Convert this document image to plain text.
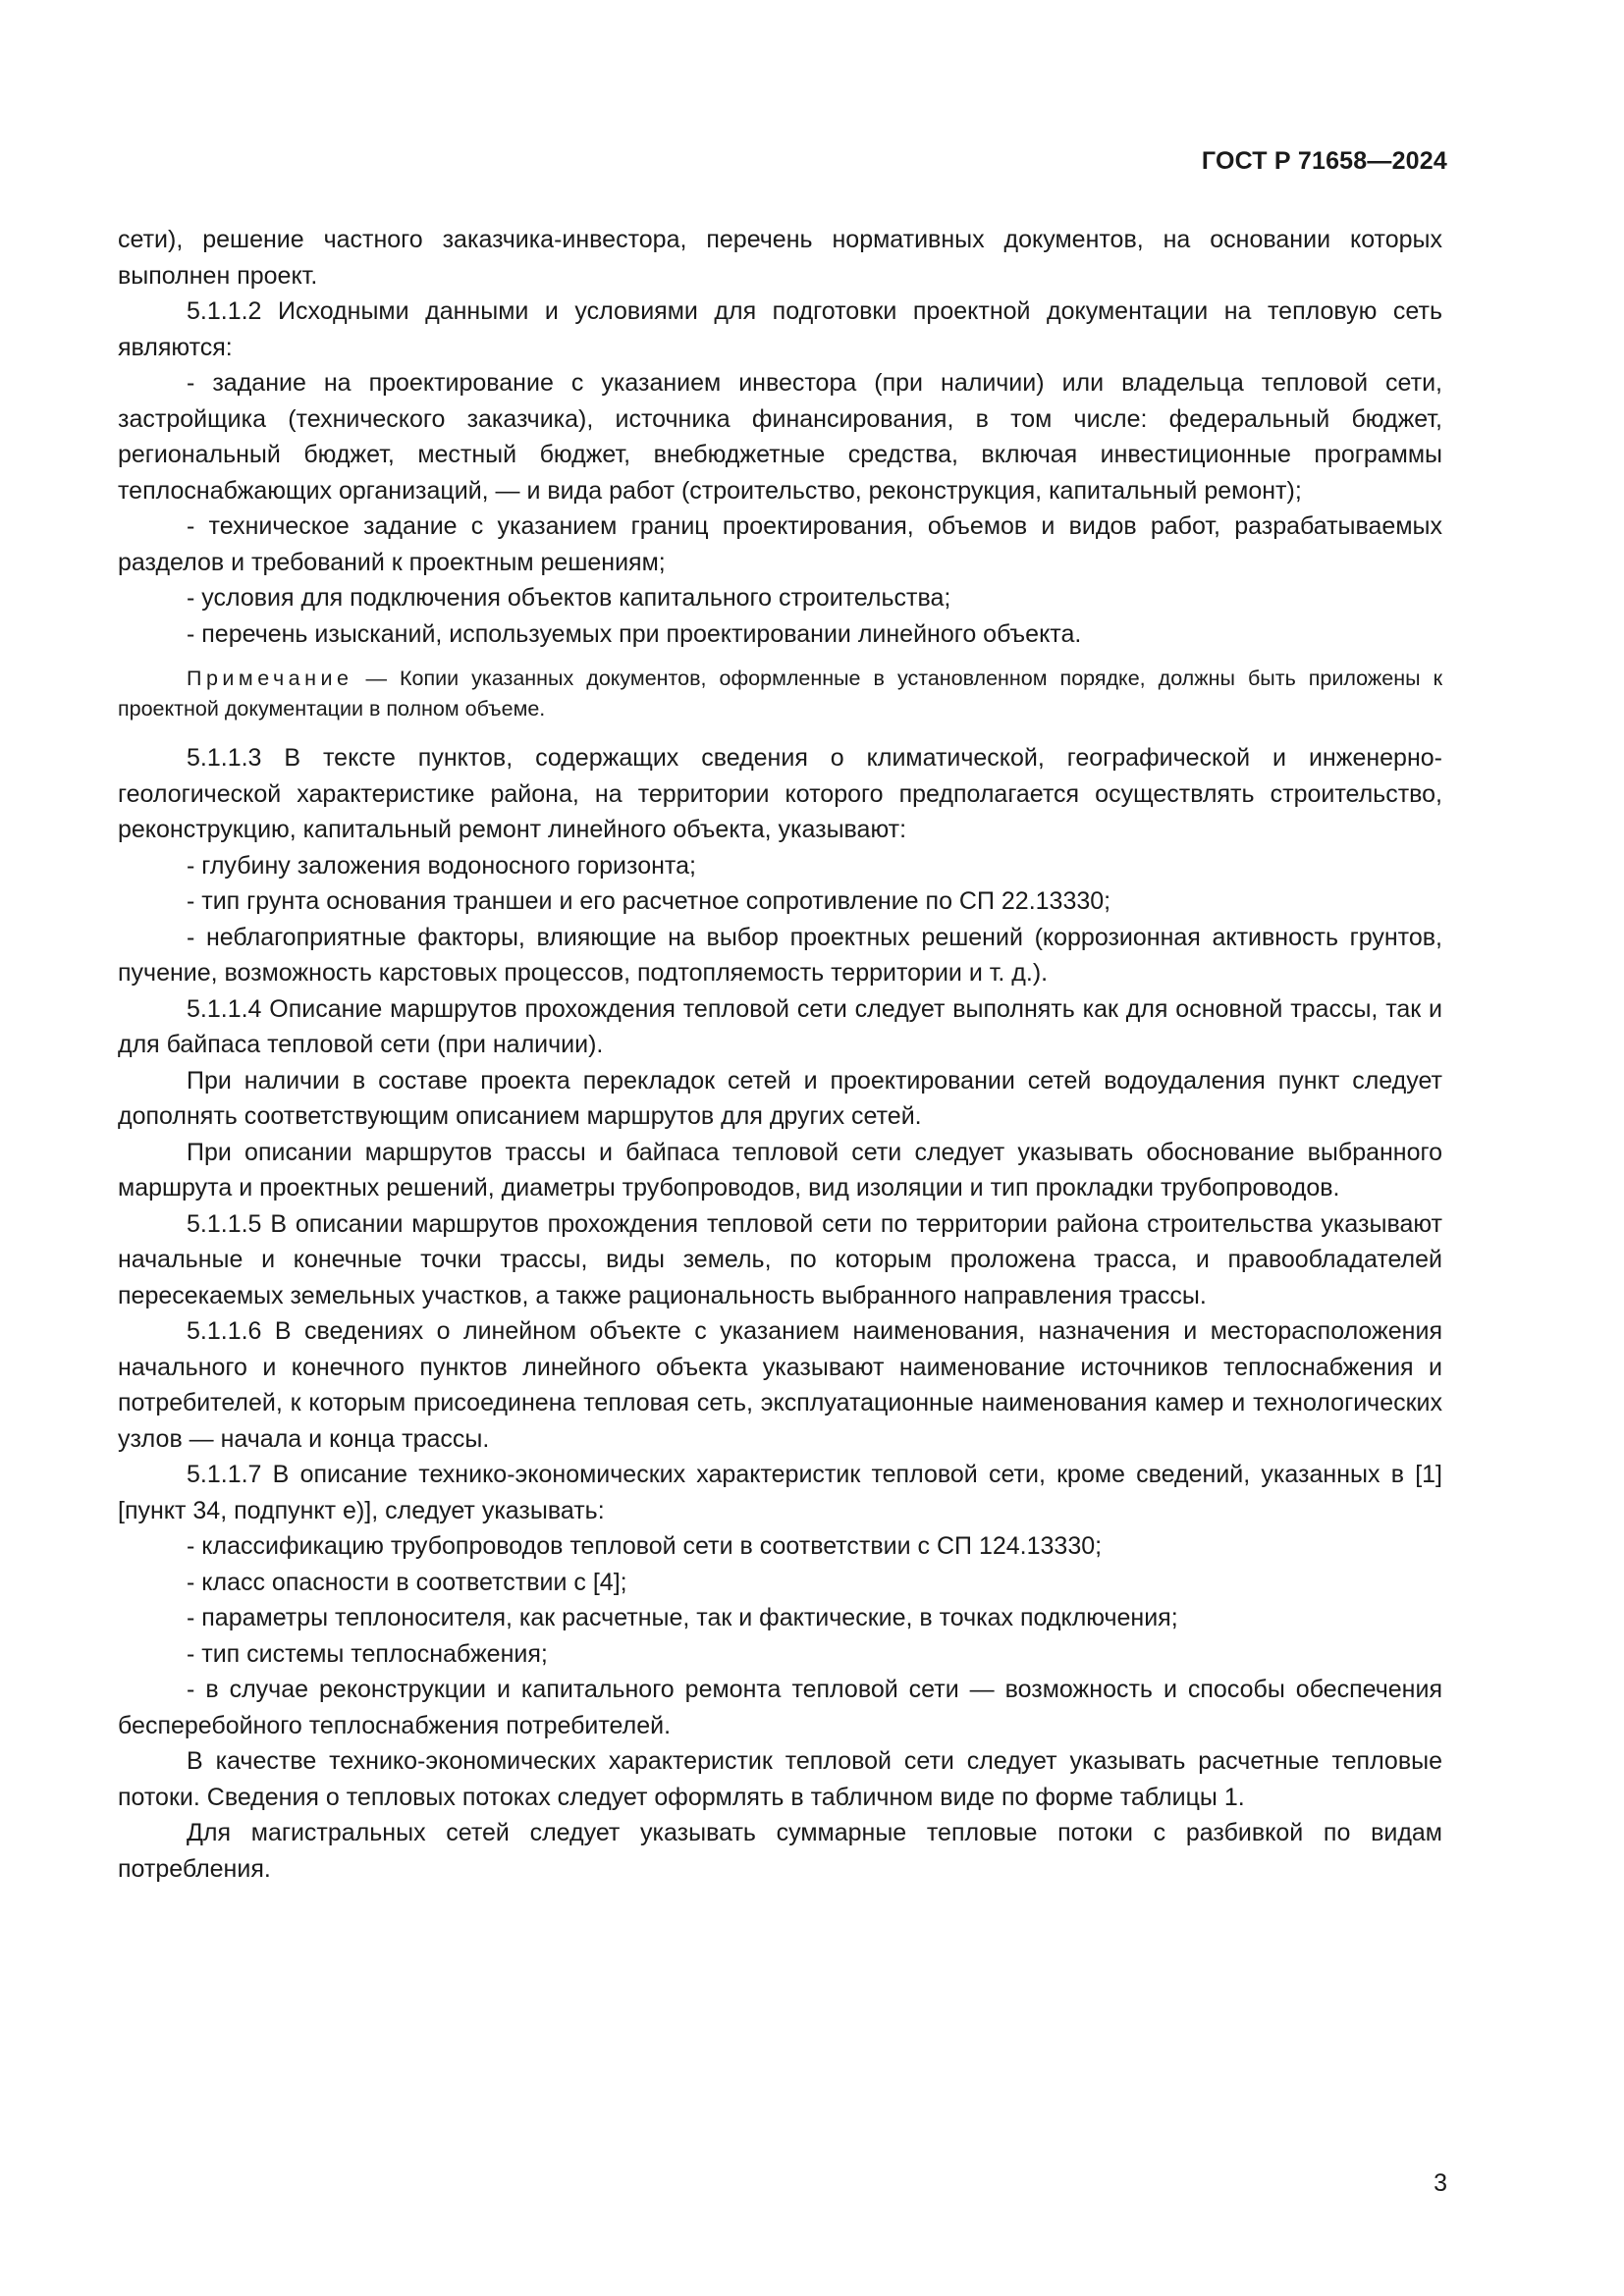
ГОСТ Р 71658—2024

сети), решение частного заказчика-инвестора, перечень нормативных документов, на основании которых выполнен проект.

5.1.1.2 Исходными данными и условиями для подготовки проектной документации на тепловую сеть являются:

- задание на проектирование с указанием инвестора (при наличии) или владельца тепловой сети, застройщика (технического заказчика), источника финансирования, в том числе: федеральный бюджет, региональный бюджет, местный бюджет, внебюджетные средства, включая инвестиционные программы теплоснабжающих организаций, — и вида работ (строительство, реконструкция, капитальный ремонт);

- техническое задание с указанием границ проектирования, объемов и видов работ, разрабатываемых разделов и требований к проектным решениям;

- условия для подключения объектов капитального строительства;

- перечень изысканий, используемых при проектировании линейного объекта.

Примечание — Копии указанных документов, оформленные в установленном порядке, должны быть приложены к проектной документации в полном объеме.

5.1.1.3 В тексте пунктов, содержащих сведения о климатической, географической и инженерно-геологической характеристике района, на территории которого предполагается осуществлять строительство, реконструкцию, капитальный ремонт линейного объекта, указывают:

- глубину заложения водоносного горизонта;

- тип грунта основания траншеи и его расчетное сопротивление по СП 22.13330;

- неблагоприятные факторы, влияющие на выбор проектных решений (коррозионная активность грунтов, пучение, возможность карстовых процессов, подтопляемость территории и т. д.).

5.1.1.4 Описание маршрутов прохождения тепловой сети следует выполнять как для основной трассы, так и для байпаса тепловой сети (при наличии).

При наличии в составе проекта перекладок сетей и проектировании сетей водоудаления пункт следует дополнять соответствующим описанием маршрутов для других сетей.

При описании маршрутов трассы и байпаса тепловой сети следует указывать обоснование выбранного маршрута и проектных решений, диаметры трубопроводов, вид изоляции и тип прокладки трубопроводов.

5.1.1.5 В описании маршрутов прохождения тепловой сети по территории района строительства указывают начальные и конечные точки трассы, виды земель, по которым проложена трасса, и правообладателей пересекаемых земельных участков, а также рациональность выбранного направления трассы.

5.1.1.6 В сведениях о линейном объекте с указанием наименования, назначения и месторасположения начального и конечного пунктов линейного объекта указывают наименование источников теплоснабжения и потребителей, к которым присоединена тепловая сеть, эксплуатационные наименования камер и технологических узлов — начала и конца трассы.

5.1.1.7 В описание технико-экономических характеристик тепловой сети, кроме сведений, указанных в [1] [пункт 34, подпункт е)], следует указывать:

- классификацию трубопроводов тепловой сети в соответствии с СП 124.13330;

- класс опасности в соответствии с [4];

- параметры теплоносителя, как расчетные, так и фактические, в точках подключения;

- тип системы теплоснабжения;

- в случае реконструкции и капитального ремонта тепловой сети — возможность и способы обеспечения бесперебойного теплоснабжения потребителей.

В качестве технико-экономических характеристик тепловой сети следует указывать расчетные тепловые потоки. Сведения о тепловых потоках следует оформлять в табличном виде по форме таблицы 1.

Для магистральных сетей следует указывать суммарные тепловые потоки с разбивкой по видам потребления.

3
